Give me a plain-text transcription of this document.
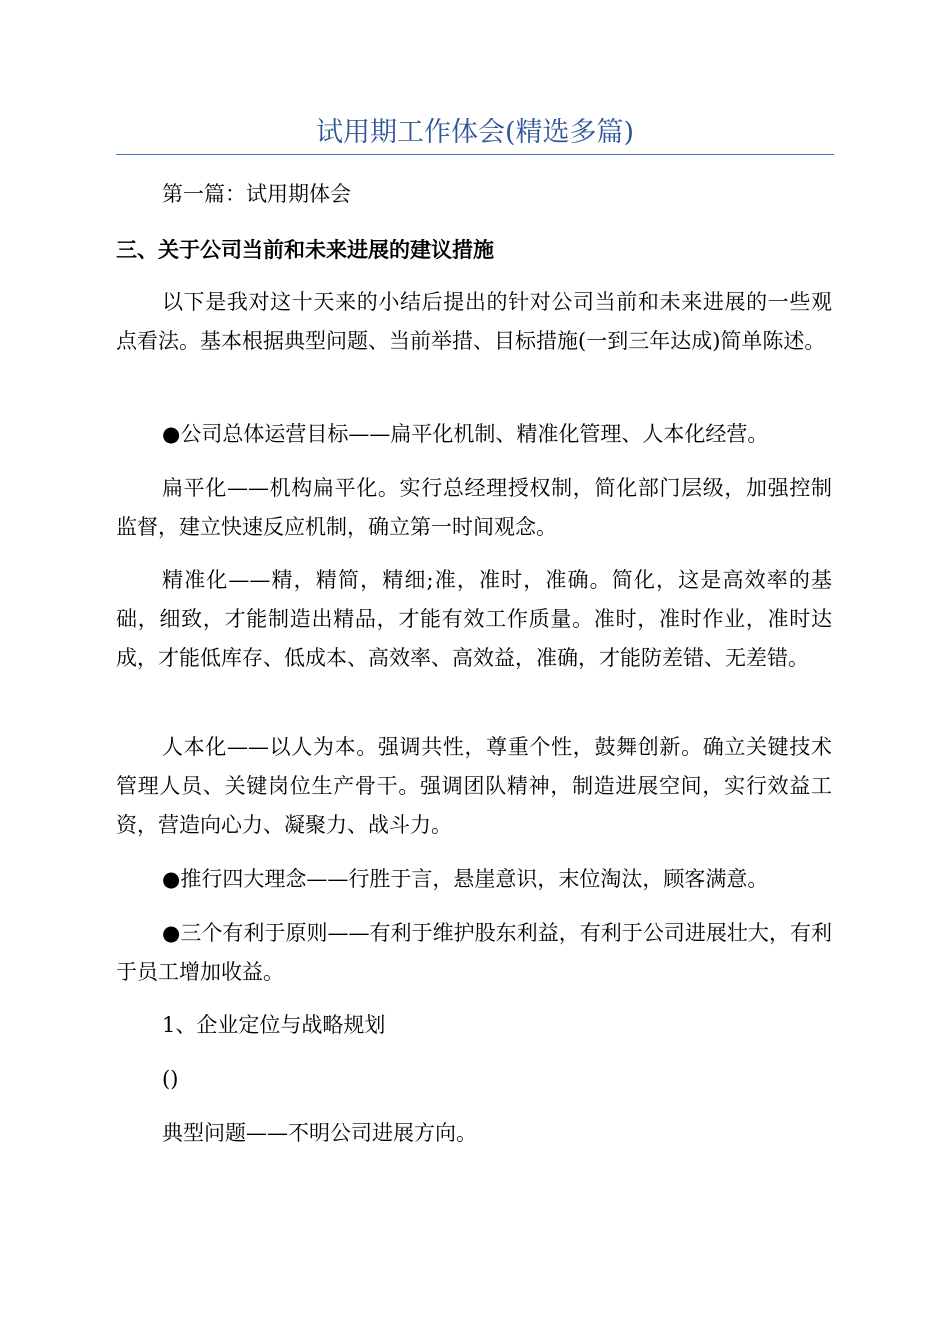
试用期工作体会(精选多篇)

第一篇：试用期体会

三、关于公司当前和未来进展的建议措施

以下是我对这十天来的小结后提出的针对公司当前和未来进展的一些观点看法。基本根据典型问题、当前举措、目标措施(一到三年达成)简单陈述。

●公司总体运营目标——扁平化机制、精准化管理、人本化经营。

扁平化——机构扁平化。实行总经理授权制，简化部门层级，加强控制监督，建立快速反应机制，确立第一时间观念。

精准化——精，精简，精细;准，准时，准确。简化，这是高效率的基础，细致，才能制造出精品，才能有效工作质量。准时，准时作业，准时达成，才能低库存、低成本、高效率、高效益，准确，才能防差错、无差错。

人本化——以人为本。强调共性，尊重个性，鼓舞创新。确立关键技术管理人员、关键岗位生产骨干。强调团队精神，制造进展空间，实行效益工资，营造向心力、凝聚力、战斗力。

●推行四大理念——行胜于言，悬崖意识，末位淘汰，顾客满意。

●三个有利于原则——有利于维护股东利益，有利于公司进展壮大，有利于员工增加收益。

1、企业定位与战略规划

()

典型问题——不明公司进展方向。
